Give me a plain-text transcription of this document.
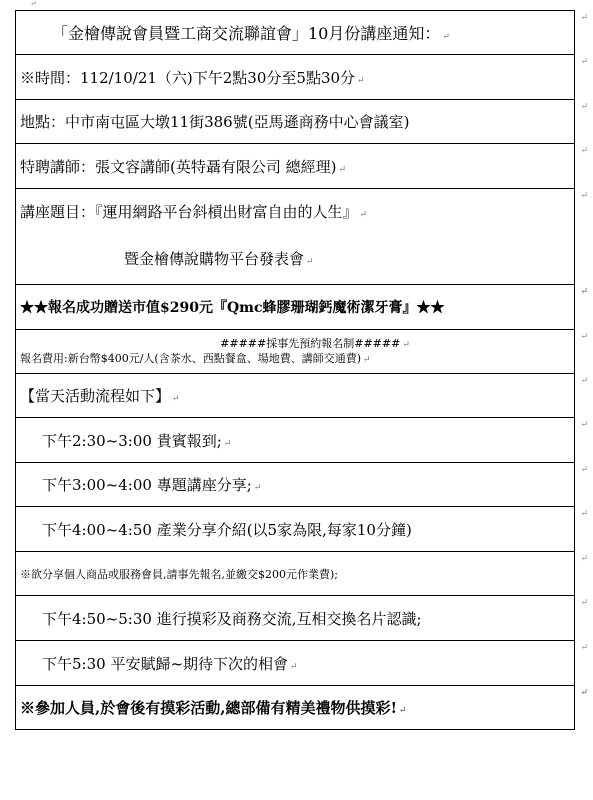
↵
「金檜傳說會員暨工商交流聯誼會」10月份講座通知： ↵
↵

※時間：112/10/21（六)下午2點30分至5點30分 ↵
↵

地點：中市南屯區大墩11街386號(亞馬遜商務中心會議室)
↵

特聘講師：張文容講師(英特聶有限公司 總經理) ↵
↵

講座題目：『運用網路平台斜槓出財富自由的人生』 ↵
暨金檜傳說購物平台發表會 ↵
↵

★★報名成功贈送市值$290元『Qmc蜂膠珊瑚鈣魔術潔牙膏』★★
↵

#####採事先預約報名制##### ↵
報名費用:新台幣$400元/人(含茶水、西點餐盒、場地費、講師交通費) ↵
↵

【當天活動流程如下】 ↵
↵

下午2:30~3:00 貴賓報到; ↵
↵

下午3:00~4:00 專題講座分享; ↵
↵

下午4:00~4:50 產業分享介紹(以5家為限,每家10分鐘)
↵

※欲分享個人商品或服務會員,請事先報名,並繳交$200元作業費);
↵

下午4:50~5:30 進行摸彩及商務交流,互相交換名片認識;
↵

下午5:30 平安賦歸~期待下次的相會 ↵
↵

※參加人員,於會後有摸彩活動,總部備有精美禮物供摸彩! ↵
↵
